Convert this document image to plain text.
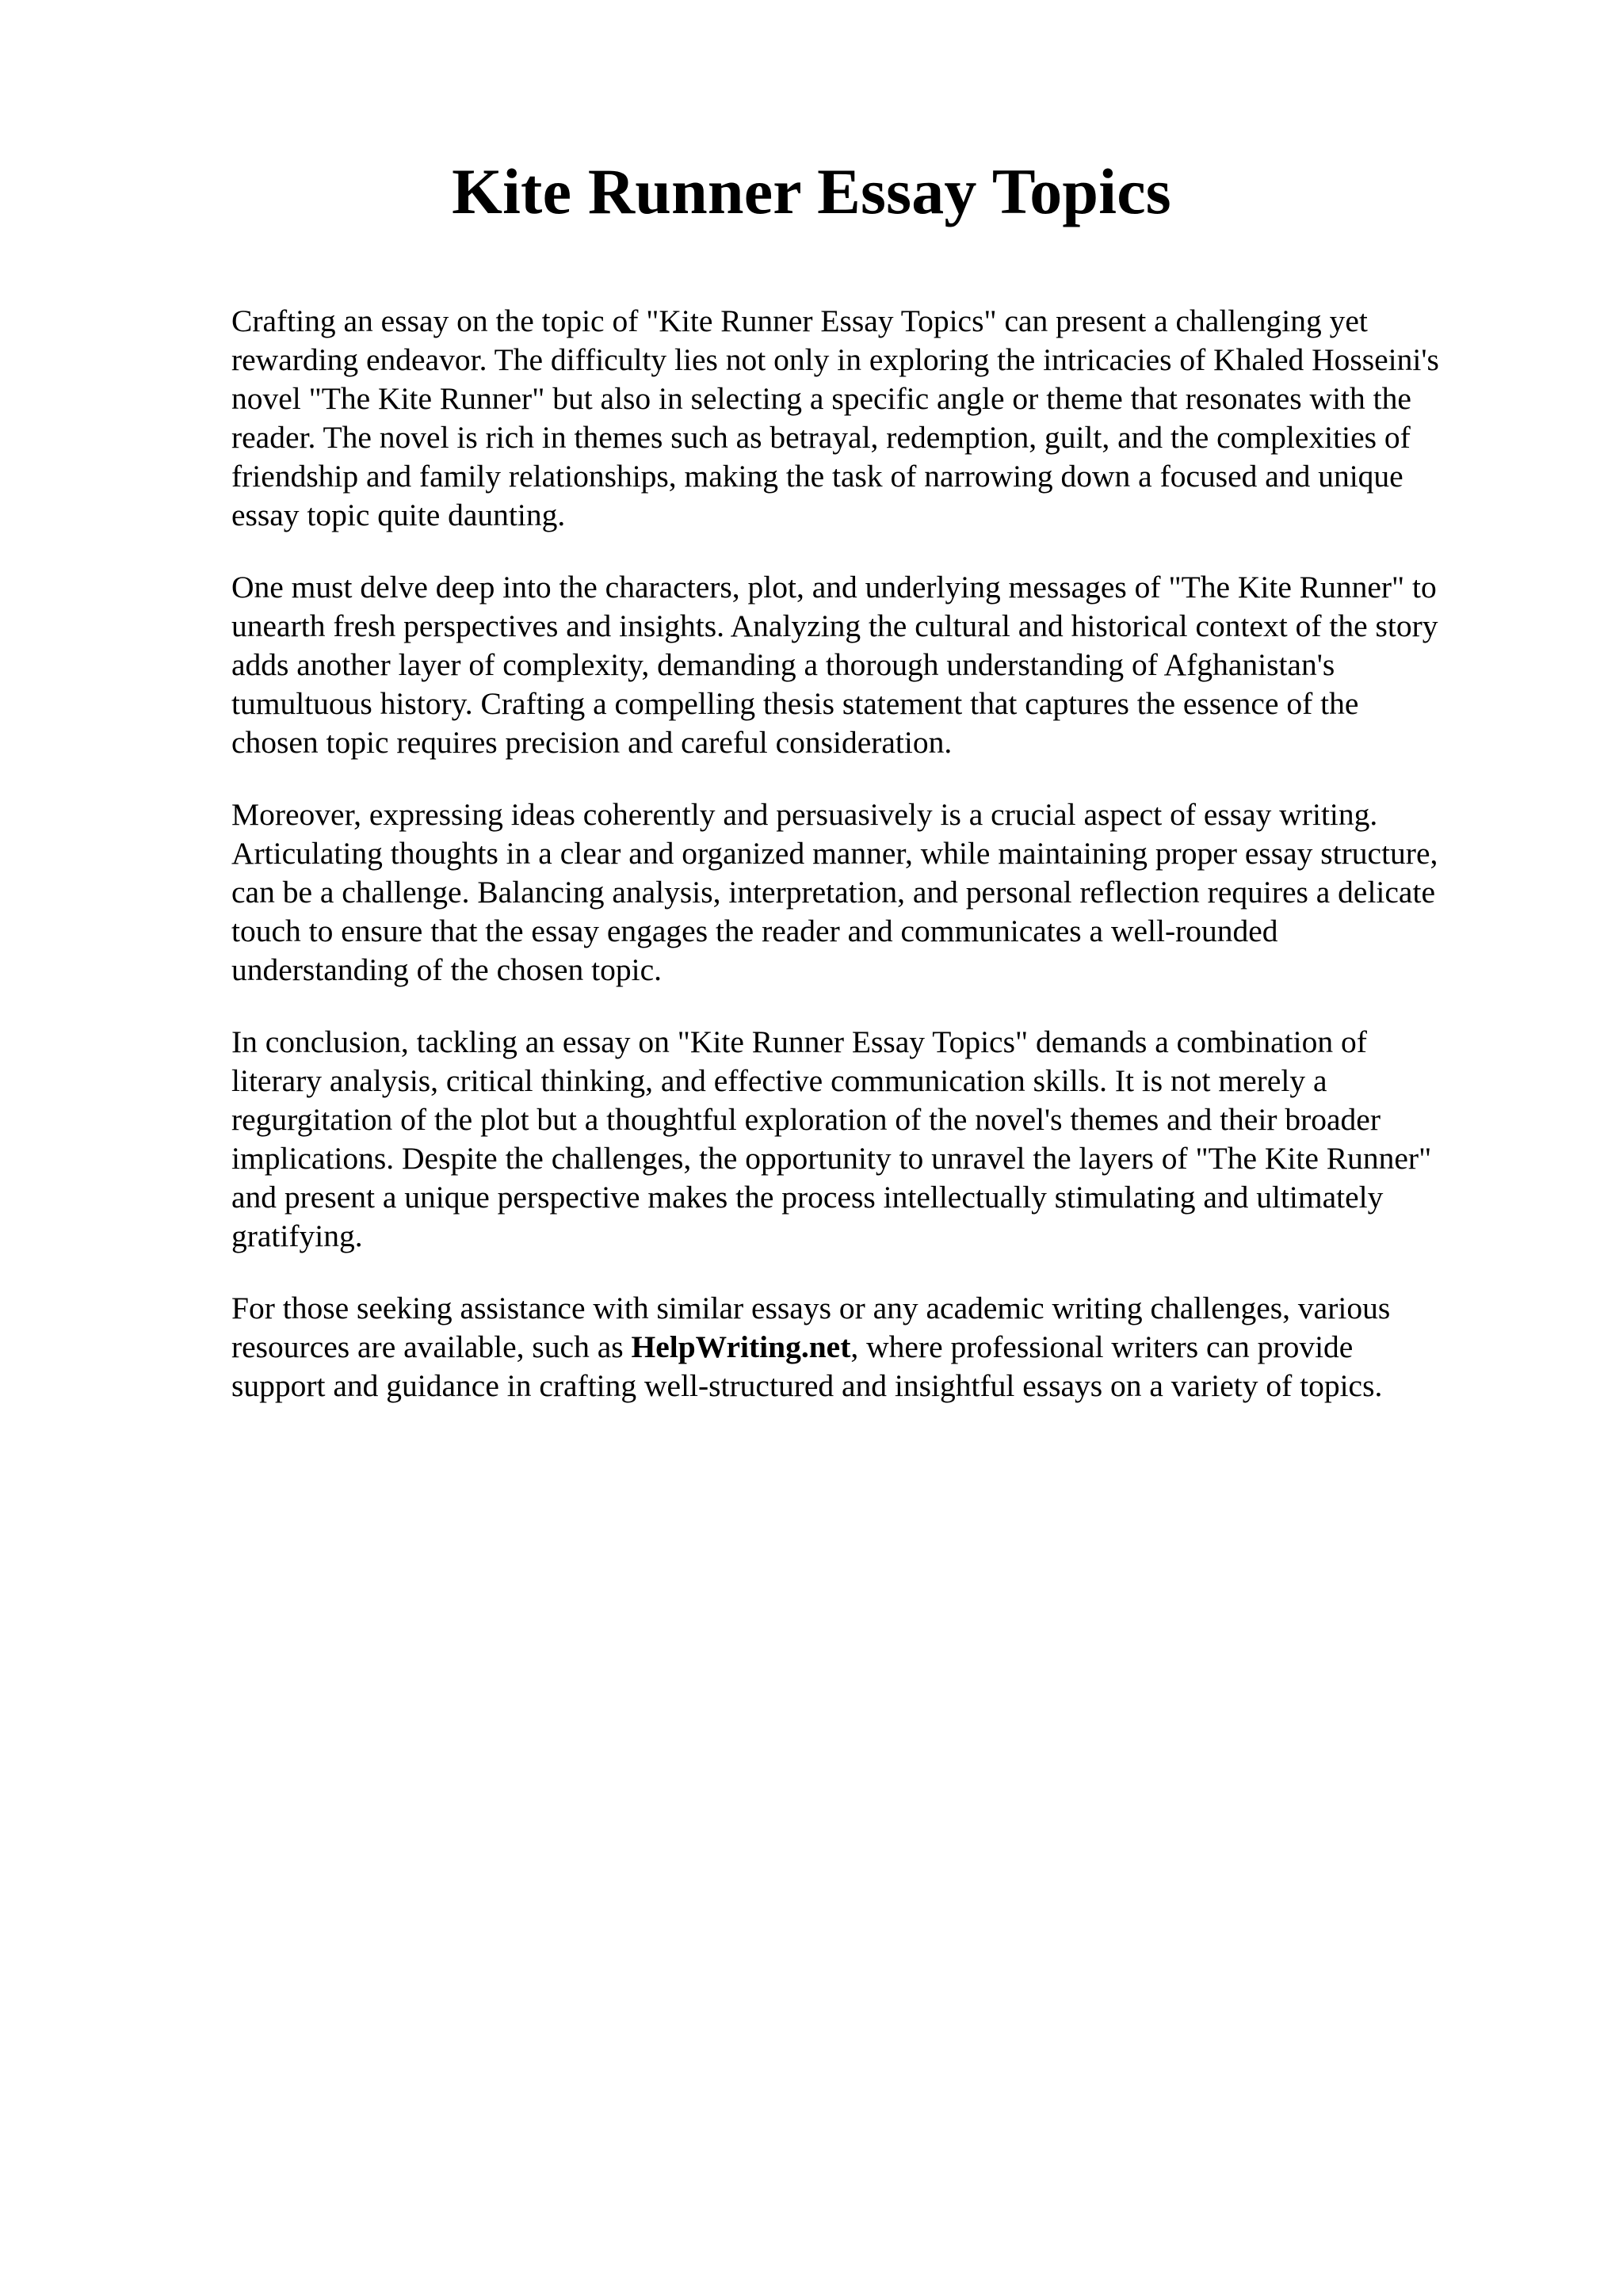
Kite Runner Essay Topics

Crafting an essay on the topic of "Kite Runner Essay Topics" can present a challenging yet
rewarding endeavor. The difficulty lies not only in exploring the intricacies of Khaled Hosseini's
novel "The Kite Runner" but also in selecting a specific angle or theme that resonates with the
reader. The novel is rich in themes such as betrayal, redemption, guilt, and the complexities of
friendship and family relationships, making the task of narrowing down a focused and unique
essay topic quite daunting.

One must delve deep into the characters, plot, and underlying messages of "The Kite Runner" to
unearth fresh perspectives and insights. Analyzing the cultural and historical context of the story
adds another layer of complexity, demanding a thorough understanding of Afghanistan's
tumultuous history. Crafting a compelling thesis statement that captures the essence of the
chosen topic requires precision and careful consideration.

Moreover, expressing ideas coherently and persuasively is a crucial aspect of essay writing.
Articulating thoughts in a clear and organized manner, while maintaining proper essay structure,
can be a challenge. Balancing analysis, interpretation, and personal reflection requires a delicate
touch to ensure that the essay engages the reader and communicates a well-rounded
understanding of the chosen topic.

In conclusion, tackling an essay on "Kite Runner Essay Topics" demands a combination of
literary analysis, critical thinking, and effective communication skills. It is not merely a
regurgitation of the plot but a thoughtful exploration of the novel's themes and their broader
implications. Despite the challenges, the opportunity to unravel the layers of "The Kite Runner"
and present a unique perspective makes the process intellectually stimulating and ultimately
gratifying.

For those seeking assistance with similar essays or any academic writing challenges, various
resources are available, such as HelpWriting.net, where professional writers can provide
support and guidance in crafting well-structured and insightful essays on a variety of topics.
